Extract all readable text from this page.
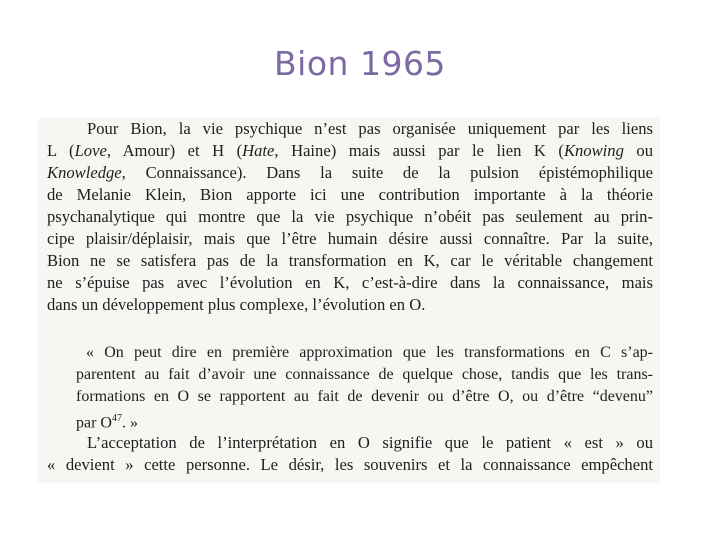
Bion 1965
Pour Bion, la vie psychique n’est pas organisée uniquement par les liens
L (Love, Amour) et H (Hate, Haine) mais aussi par le lien K (Knowing ou
Knowledge, Connaissance). Dans la suite de la pulsion épistémophilique
de Melanie Klein, Bion apporte ici une contribution importante à la théorie
psychanalytique qui montre que la vie psychique n’obéit pas seulement au prin-
cipe plaisir/déplaisir, mais que l’être humain désire aussi connaître. Par la suite,
Bion ne se satisfera pas de la transformation en K, car le véritable changement
ne s’épuise pas avec l’évolution en K, c’est-à-dire dans la connaissance, mais
dans un développement plus complexe, l’évolution en O.
« On peut dire en première approximation que les transformations en C s’ap-
parentent au fait d’avoir une connaissance de quelque chose, tandis que les trans-
formations en O se rapportent au fait de devenir ou d’être O, ou d’être “devenu”
par $O^{47}$. »
L’acceptation de l’interprétation en O signifie que le patient « est » ou
« devient » cette personne. Le désir, les souvenirs et la connaissance empêchent
